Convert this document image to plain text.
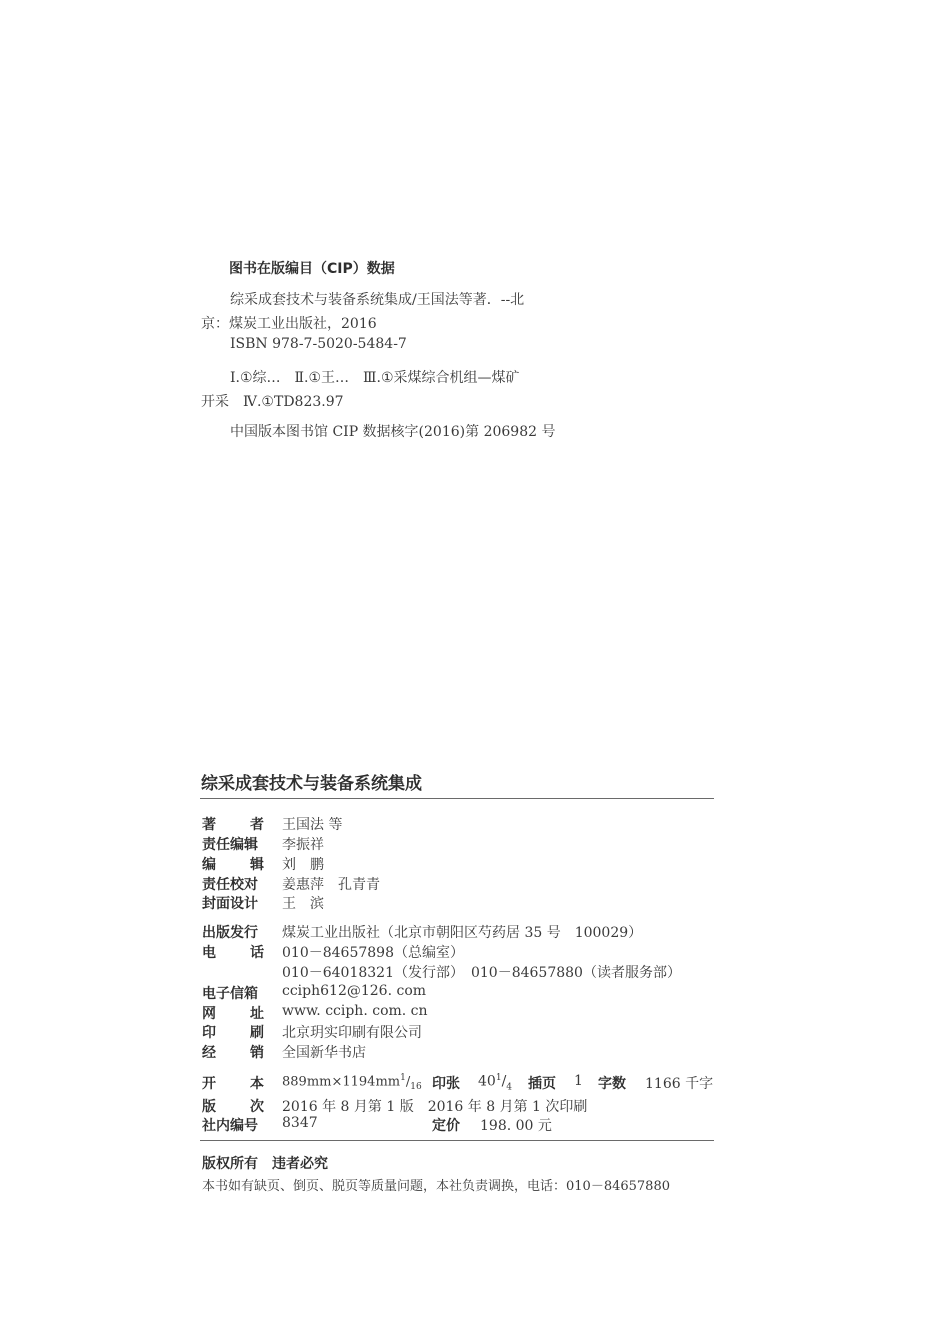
图书在版编目（CIP）数据
综采成套技术与装备系统集成/王国法等著．--北
京：煤炭工业出版社，2016
ISBN 978-7-5020-5484-7
Ⅰ.①综…　Ⅱ.①王…　Ⅲ.①采煤综合机组—煤矿
开采　Ⅳ.①TD823.97
中国版本图书馆 CIP 数据核字(2016)第 206982 号
综采成套技术与装备系统集成
著 者 王国法 等
责任编辑 李振祥
编 辑 刘　鹏
责任校对 姜惠萍　孔青青
封面设计 王　滨
出版发行 煤炭工业出版社（北京市朝阳区芍药居 35 号　100029）
电 话 010－84657898（总编室）
010－64018321（发行部）　010－84657880（读者服务部）
电子信箱 cciph612@126. com
网 址 www. cciph. com. cn
印 刷 北京玥实印刷有限公司
经 销 全国新华书店
开 本 $889mm\times 1194mm^1/_{16}$ 印张 $40^1/_4$ 插页 1 字数 1166 千字
版 次 2016 年 8 月第 1 版　2016 年 8 月第 1 次印刷
社内编号 8347	定价 198. 00 元
版权所有　违者必究
本书如有缺页、倒页、脱页等质量问题，本社负责调换，电话：010－84657880
